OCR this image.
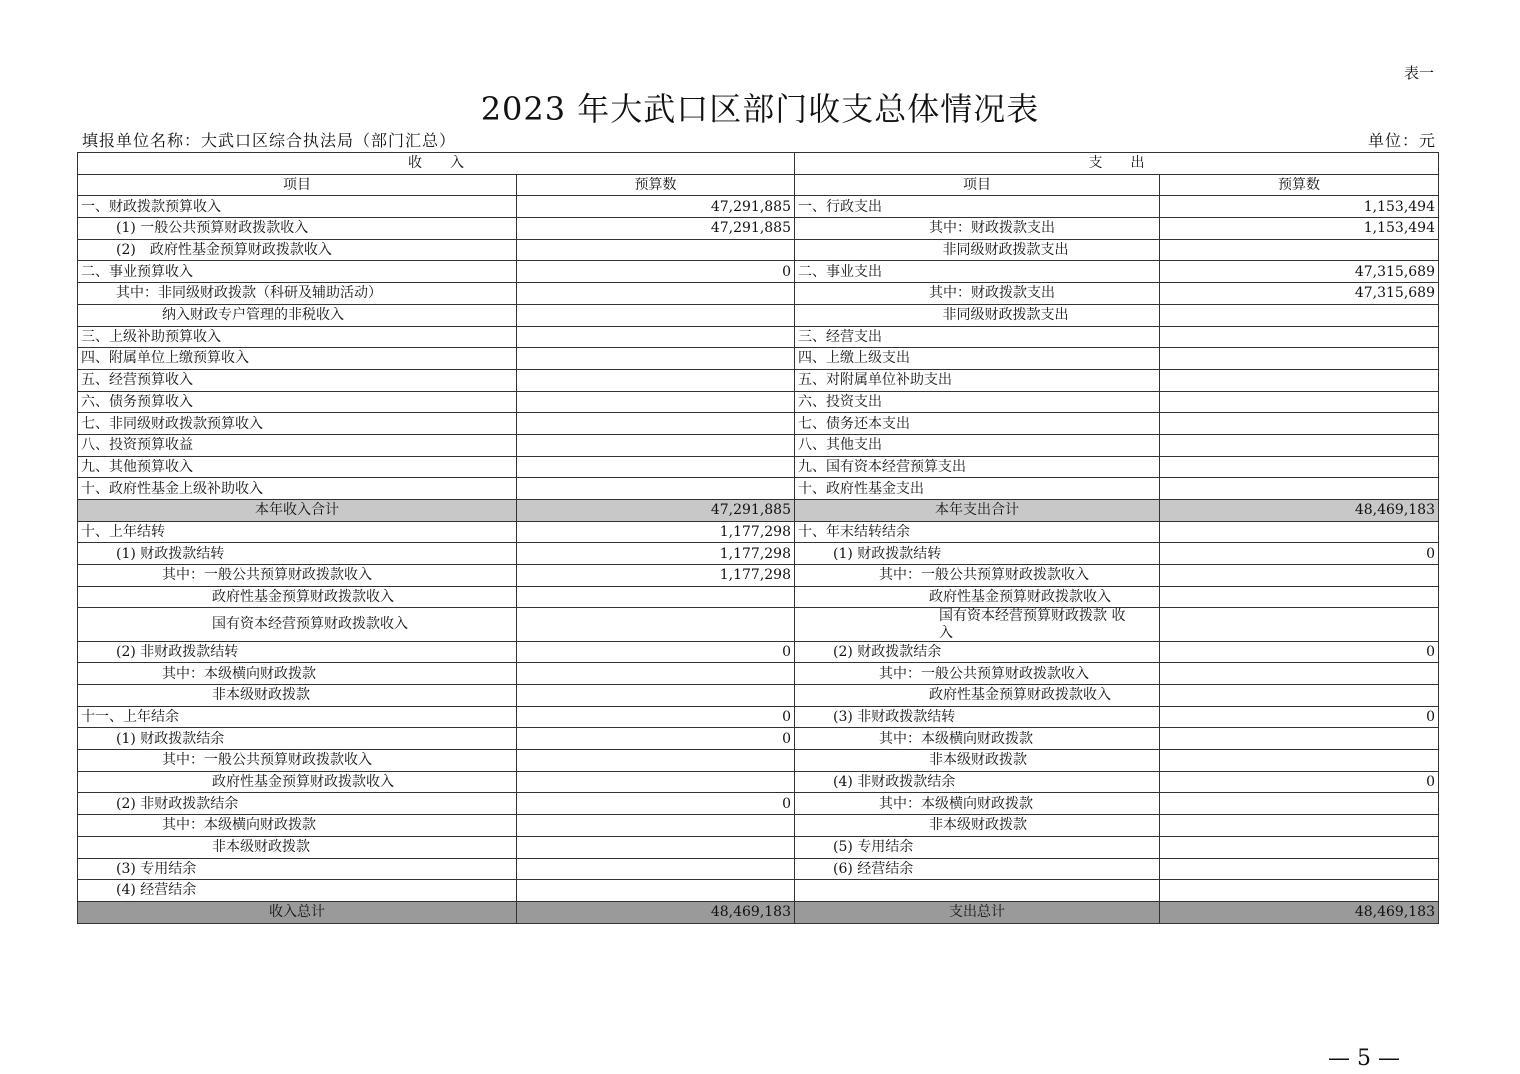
表一
2023 年大武口区部门收支总体情况表
填报单位名称：大武口区综合执法局（部门汇总）	单位：元
收　　入		支　　出	
项目	预算数	项目	预算数
一、财政拨款预算收入	47,291,885	一、行政支出	1,153,494
(1) 一般公共预算财政拨款收入	47,291,885	其中：财政拨款支出	1,153,494
(2)　政府性基金预算财政拨款收入		非同级财政拨款支出	
二、事业预算收入	0	二、事业支出	47,315,689
其中：非同级财政拨款（科研及辅助活动）		其中：财政拨款支出	47,315,689
纳入财政专户管理的非税收入		非同级财政拨款支出	
三、上级补助预算收入		三、经营支出	
四、附属单位上缴预算收入		四、上缴上级支出	
五、经营预算收入		五、对附属单位补助支出	
六、债务预算收入		六、投资支出	
七、非同级财政拨款预算收入		七、债务还本支出	
八、投资预算收益		八、其他支出	
九、其他预算收入		九、国有资本经营预算支出	
十、政府性基金上级补助收入		十、政府性基金支出	
本年收入合计	47,291,885	本年支出合计	48,469,183
十、上年结转	1,177,298	十、年末结转结余	
(1) 财政拨款结转	1,177,298	(1) 财政拨款结转	0
其中：一般公共预算财政拨款收入	1,177,298	其中：一般公共预算财政拨款收入	
政府性基金预算财政拨款收入		政府性基金预算财政拨款收入	
国有资本经营预算财政拨款收入		国有资本经营预算财政拨款 收入	
(2) 非财政拨款结转	0	(2) 财政拨款结余	0
其中：本级横向财政拨款		其中：一般公共预算财政拨款收入	
非本级财政拨款		政府性基金预算财政拨款收入	
十一、上年结余	0	(3) 非财政拨款结转	0
(1) 财政拨款结余	0	其中：本级横向财政拨款	
其中：一般公共预算财政拨款收入		非本级财政拨款	
政府性基金预算财政拨款收入		(4) 非财政拨款结余	0
(2) 非财政拨款结余	0	其中：本级横向财政拨款	
其中：本级横向财政拨款		非本级财政拨款	
非本级财政拨款		(5) 专用结余	
(3) 专用结余		(6) 经营结余	
(4) 经营结余			
收入总计	48,469,183	支出总计	48,469,183
— 5 —
